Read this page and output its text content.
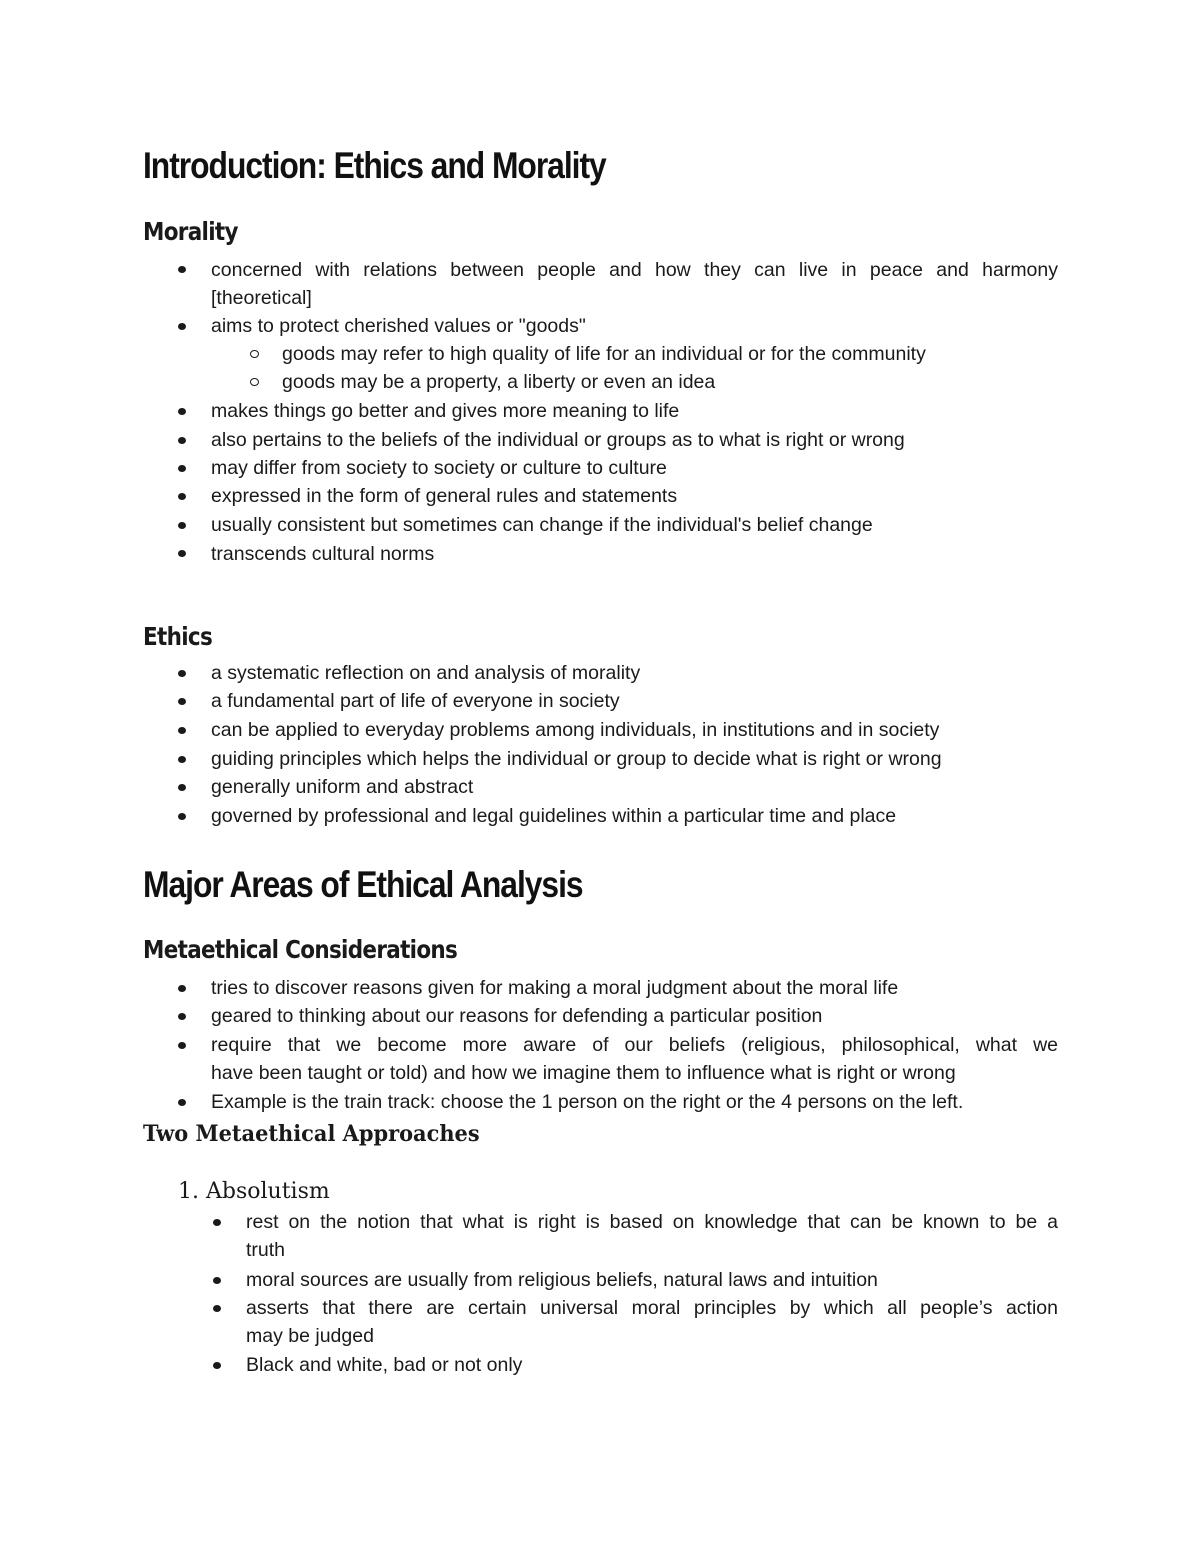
Introduction: Ethics and Morality
Morality
concerned with relations between people and how they can live in peace and harmony
[theoretical]
aims to protect cherished values or "goods"
goods may refer to high quality of life for an individual or for the community
goods may be a property, a liberty or even an idea
makes things go better and gives more meaning to life
also pertains to the beliefs of the individual or groups as to what is right or wrong
may differ from society to society or culture to culture
expressed in the form of general rules and statements
usually consistent but sometimes can change if the individual's belief change
transcends cultural norms
Ethics
a systematic reflection on and analysis of morality
a fundamental part of life of everyone in society
can be applied to everyday problems among individuals, in institutions and in society
guiding principles which helps the individual or group to decide what is right or wrong
generally uniform and abstract
governed by professional and legal guidelines within a particular time and place
Major Areas of Ethical Analysis
Metaethical Considerations
tries to discover reasons given for making a moral judgment about the moral life
geared to thinking about our reasons for defending a particular position
require that we become more aware of our beliefs (religious, philosophical, what we
have been taught or told) and how we imagine them to influence what is right or wrong
Example is the train track: choose the 1 person on the right or the 4 persons on the left.
Two Metaethical Approaches
1. Absolutism
rest on the notion that what is right is based on knowledge that can be known to be a
truth
moral sources are usually from religious beliefs, natural laws and intuition
asserts that there are certain universal moral principles by which all people’s action
may be judged
Black and white, bad or not only
